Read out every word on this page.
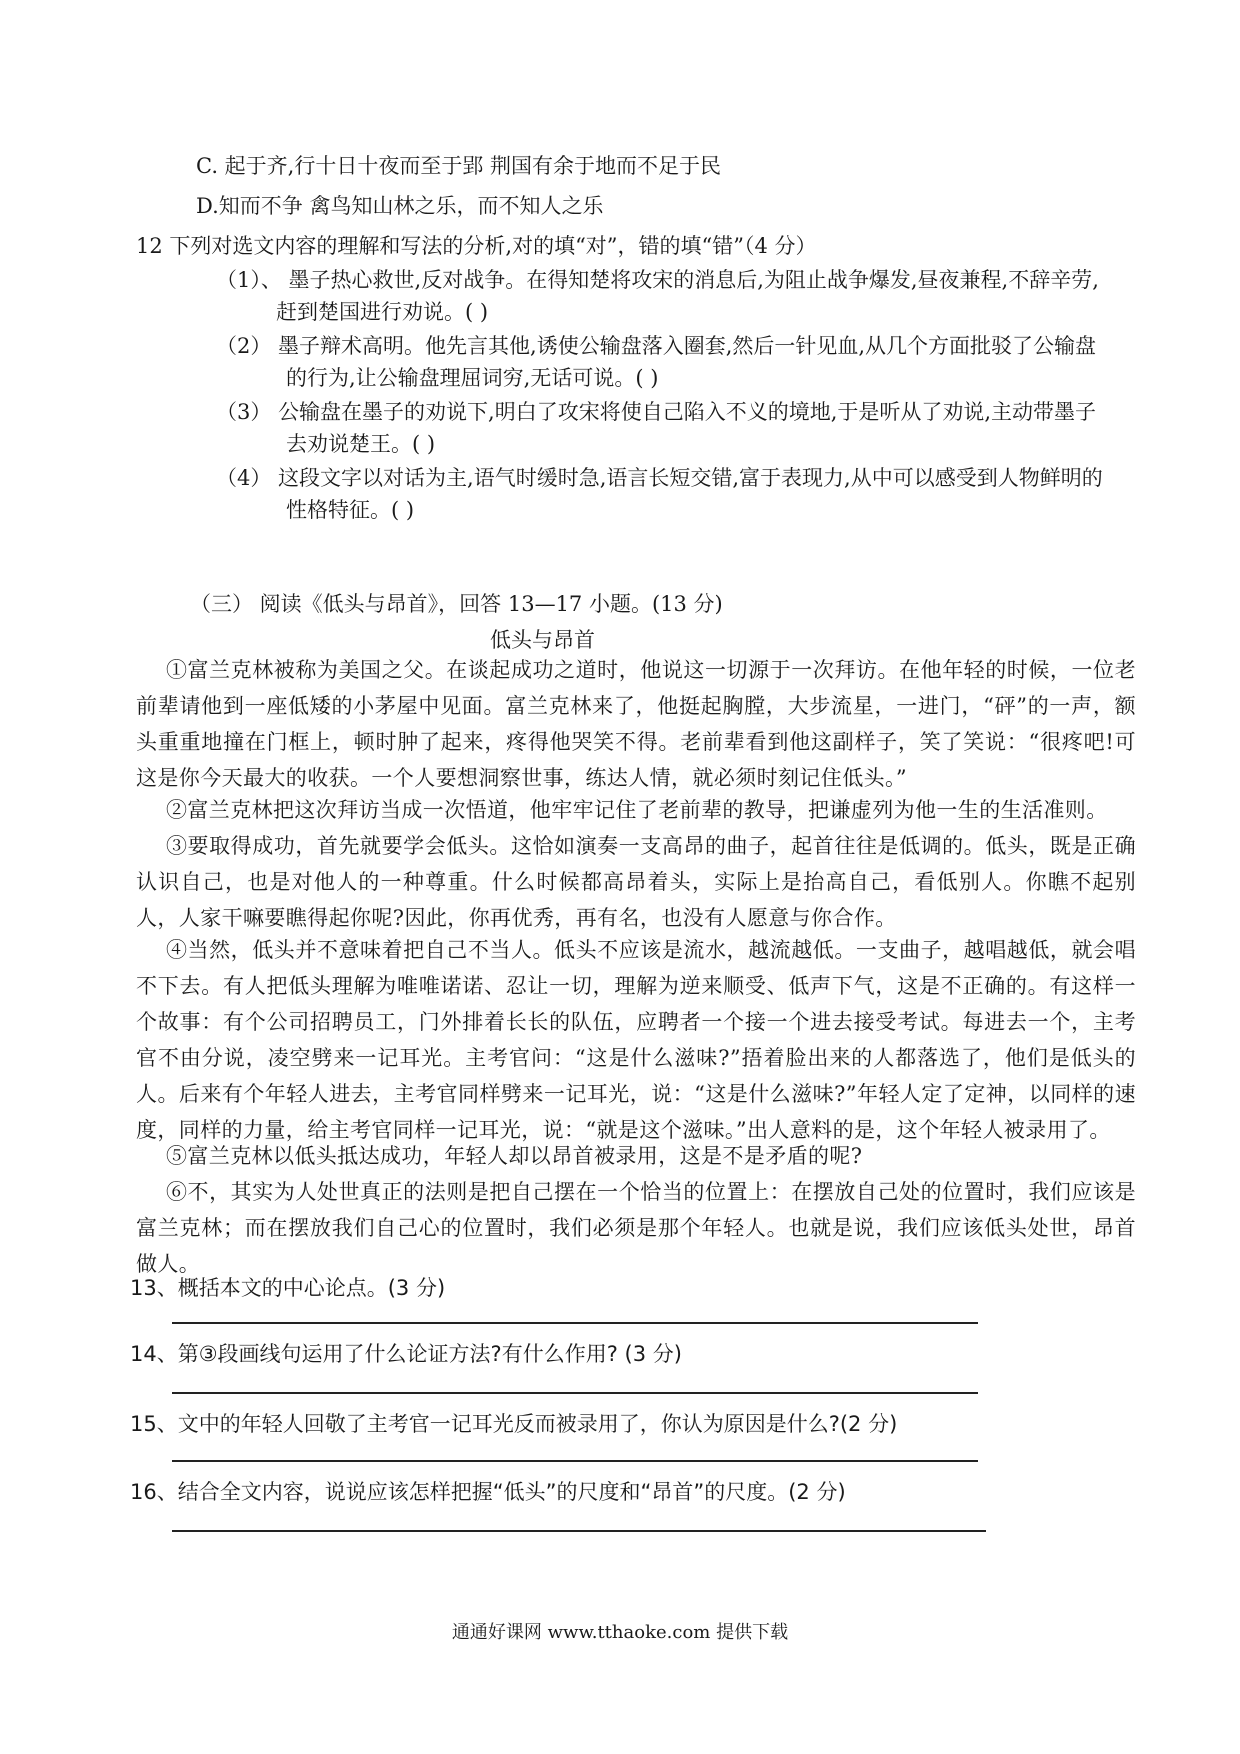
C. 起于齐,行十日十夜而至于郢 荆国有余于地而不足于民
D.知而不争 禽鸟知山林之乐，而不知人之乐
12 下列对选文内容的理解和写法的分析,对的填“对”，错的填“错”（4 分）
（1）、 墨子热心救世,反对战争。在得知楚将攻宋的消息后,为阻止战争爆发,昼夜兼程,不辞辛劳,
赶到楚国进行劝说。( )
（2） 墨子辩术高明。他先言其他,诱使公输盘落入圈套,然后一针见血,从几个方面批驳了公输盘
的行为,让公输盘理屈词穷,无话可说。( )
（3） 公输盘在墨子的劝说下,明白了攻宋将使自己陷入不义的境地,于是听从了劝说,主动带墨子
去劝说楚王。( )
（4） 这段文字以对话为主,语气时缓时急,语言长短交错,富于表现力,从中可以感受到人物鲜明的
性格特征。( )
（三） 阅读《低头与昂首》，回答 13—17 小题。(13 分)
低头与昂首
①富兰克林被称为美国之父。在谈起成功之道时，他说这一切源于一次拜访。在他年轻的时候，一位老前辈请他到一座低矮的小茅屋中见面。富兰克林来了，他挺起胸膛，大步流星，一进门，“砰”的一声，额头重重地撞在门框上，顿时肿了起来，疼得他哭笑不得。老前辈看到他这副样子，笑了笑说：“很疼吧!可这是你今天最大的收获。一个人要想洞察世事，练达人情，就必须时刻记住低头。”
②富兰克林把这次拜访当成一次悟道，他牢牢记住了老前辈的教导，把谦虚列为他一生的生活准则。
③要取得成功，首先就要学会低头。这恰如演奏一支高昂的曲子，起首往往是低调的。低头，既是正确认识自己，也是对他人的一种尊重。什么时候都高昂着头，实际上是抬高自己，看低别人。你瞧不起别人，人家干嘛要瞧得起你呢?因此，你再优秀，再有名，也没有人愿意与你合作。
④当然，低头并不意味着把自己不当人。低头不应该是流水，越流越低。一支曲子，越唱越低，就会唱不下去。有人把低头理解为唯唯诺诺、忍让一切，理解为逆来顺受、低声下气，这是不正确的。有这样一个故事：有个公司招聘员工，门外排着长长的队伍，应聘者一个接一个进去接受考试。每进去一个，主考官不由分说，凌空劈来一记耳光。主考官问：“这是什么滋味?”捂着脸出来的人都落选了，他们是低头的人。后来有个年轻人进去，主考官同样劈来一记耳光，说：“这是什么滋味?”年轻人定了定神，以同样的速度，同样的力量，给主考官同样一记耳光，说：“就是这个滋味。”出人意料的是，这个年轻人被录用了。
⑤富兰克林以低头抵达成功，年轻人却以昂首被录用，这是不是矛盾的呢?
⑥不，其实为人处世真正的法则是把自己摆在一个恰当的位置上：在摆放自己处的位置时，我们应该是富兰克林；而在摆放我们自己心的位置时，我们必须是那个年轻人。也就是说，我们应该低头处世，昂首做人。
13、概括本文的中心论点。(3 分)
14、第③段画线句运用了什么论证方法?有什么作用? (3 分)
15、文中的年轻人回敬了主考官一记耳光反而被录用了，你认为原因是什么?(2 分)
16、结合全文内容，说说应该怎样把握“低头”的尺度和“昂首”的尺度。(2 分)
通通好课网 www.tthaoke.com 提供下载
